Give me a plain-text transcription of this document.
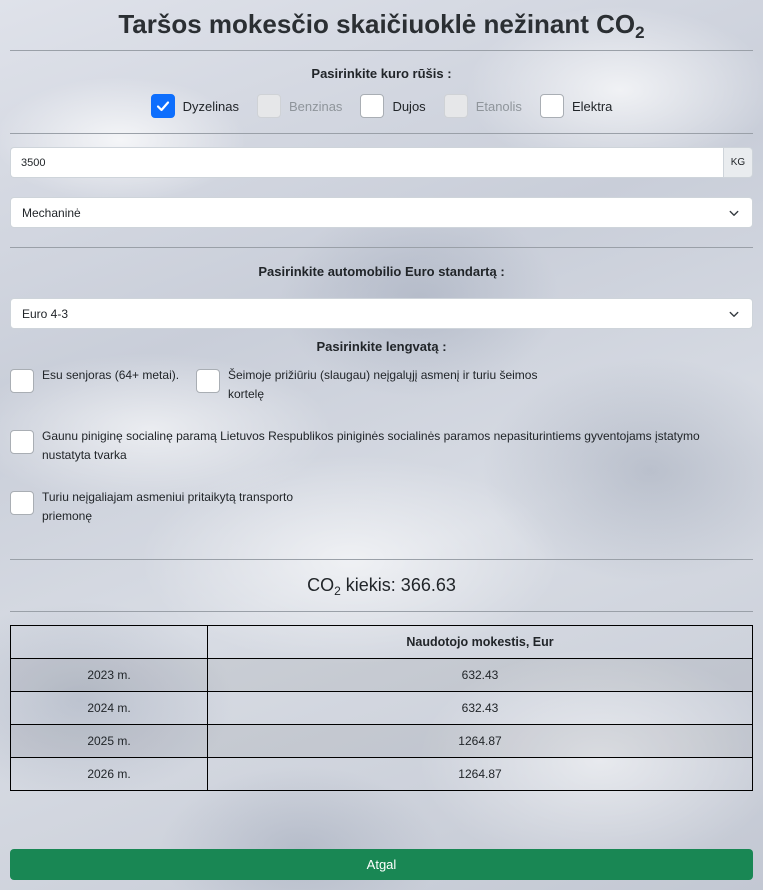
Taršos mokesčio skaičiuoklė nežinant $CO_2$
Pasirinkite kuro rūšis :
Dyzelinas	Benzinas	Dujos	Etanolis	Elektra
3500
KG
Mechaninė
Pasirinkite automobilio Euro standartą :
Euro 4-3
Pasirinkite lengvatą :
Esu senjoras (64+ metai).	Šeimoje prižiūriu (slaugau) neįgalųjį asmenį ir turiu šeimos kortelę
Gaunu piniginę socialinę paramą Lietuvos Respublikos piniginės socialinės paramos nepasiturintiems gyventojams įstatymo nustatyta tvarka
Turiu neįgaliajam asmeniui pritaikytą transporto priemonę
$CO_2$ kiekis: 366.63
	Naudotojo mokestis, Eur
2023 m.	632.43
2024 m.	632.43
2025 m.	1264.87
2026 m.	1264.87
Atgal
